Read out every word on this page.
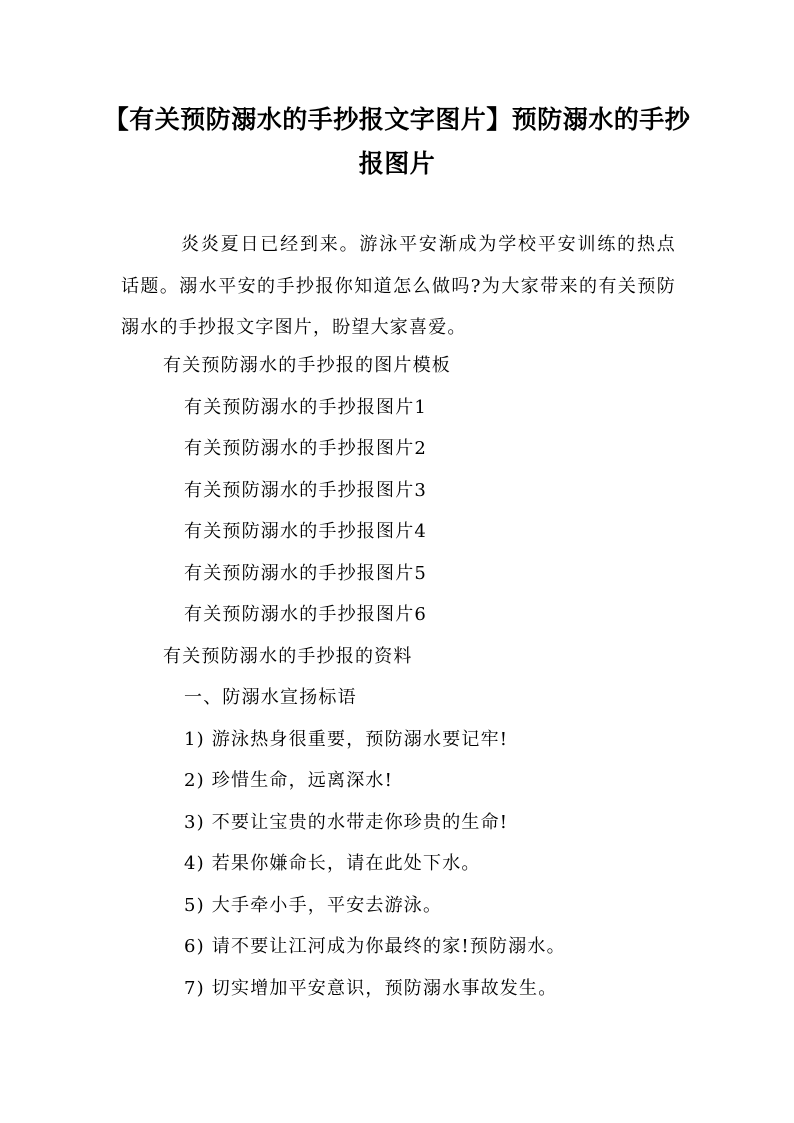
【有关预防溺水的手抄报文字图片】预防溺水的手抄报图片
炎炎夏日已经到来。游泳平安渐成为学校平安训练的热点话题。溺水平安的手抄报你知道怎么做吗?为大家带来的有关预防溺水的手抄报文字图片，盼望大家喜爱。
有关预防溺水的手抄报的图片模板
有关预防溺水的手抄报图片1
有关预防溺水的手抄报图片2
有关预防溺水的手抄报图片3
有关预防溺水的手抄报图片4
有关预防溺水的手抄报图片5
有关预防溺水的手抄报图片6
有关预防溺水的手抄报的资料
一、防溺水宣扬标语
1) 游泳热身很重要，预防溺水要记牢!
2) 珍惜生命，远离深水!
3) 不要让宝贵的水带走你珍贵的生命!
4) 若果你嫌命长，请在此处下水。
5) 大手牵小手，平安去游泳。
6) 请不要让江河成为你最终的家!预防溺水。
7) 切实增加平安意识，预防溺水事故发生。
